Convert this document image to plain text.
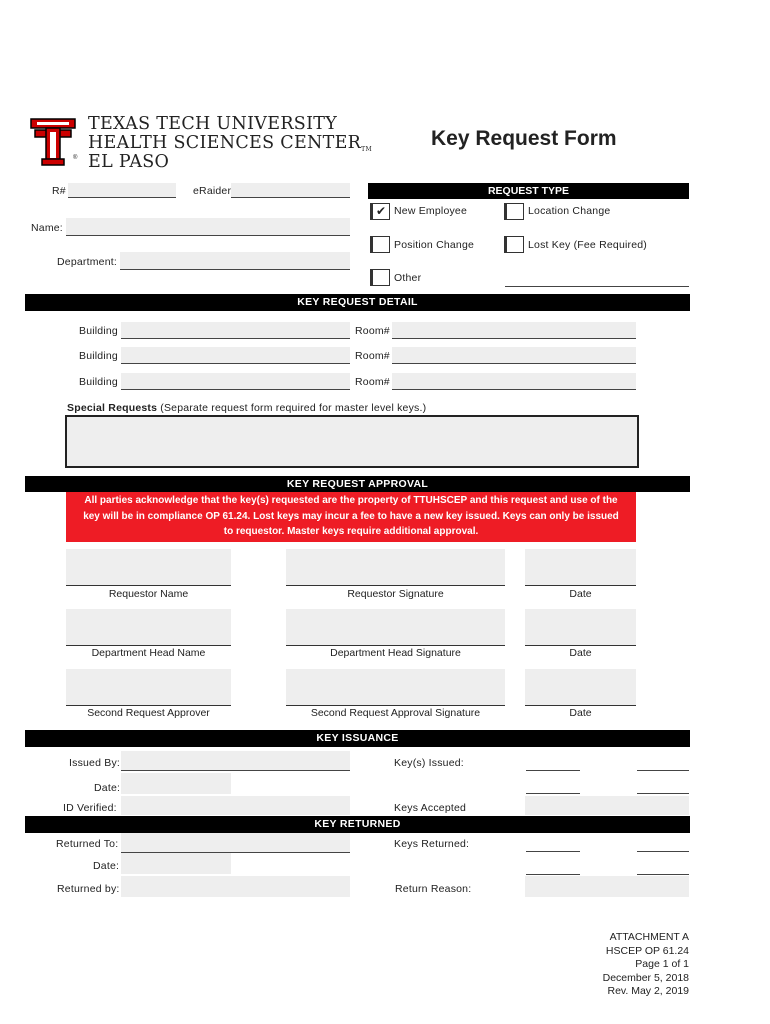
®
TEXAS TECH UNIVERSITY
HEALTH SCIENCES CENTERTM
EL PASO
Key Request Form
R#	eRaider
Name:
Department:
REQUEST TYPE
✔ New Employee	Location Change
Position Change	Lost Key (Fee Required)
Other
KEY REQUEST DETAIL
Building	Room#
Building	Room#
Building	Room#
Special Requests (Separate request form required for master level keys.)
KEY REQUEST APPROVAL
All parties acknowledge that the key(s) requested are the property of TTUHSCEP and this request and use of the
key will be in compliance OP 61.24. Lost keys may incur a fee to have a new key issued. Keys can only be issued
to requestor. Master keys require additional approval.
Requestor Name	Requestor Signature	Date
Department Head Name	Department Head Signature	Date
Second Request Approver	Second Request Approval Signature	Date
KEY ISSUANCE
Issued By:
Date:
ID Verified:
Key(s) Issued:
Keys Accepted
KEY RETURNED
Returned To:
Date:
Returned by:
Keys Returned:
Return Reason:
ATTACHMENT A
HSCEP OP 61.24
Page 1 of 1
December 5, 2018
Rev. May 2, 2019
